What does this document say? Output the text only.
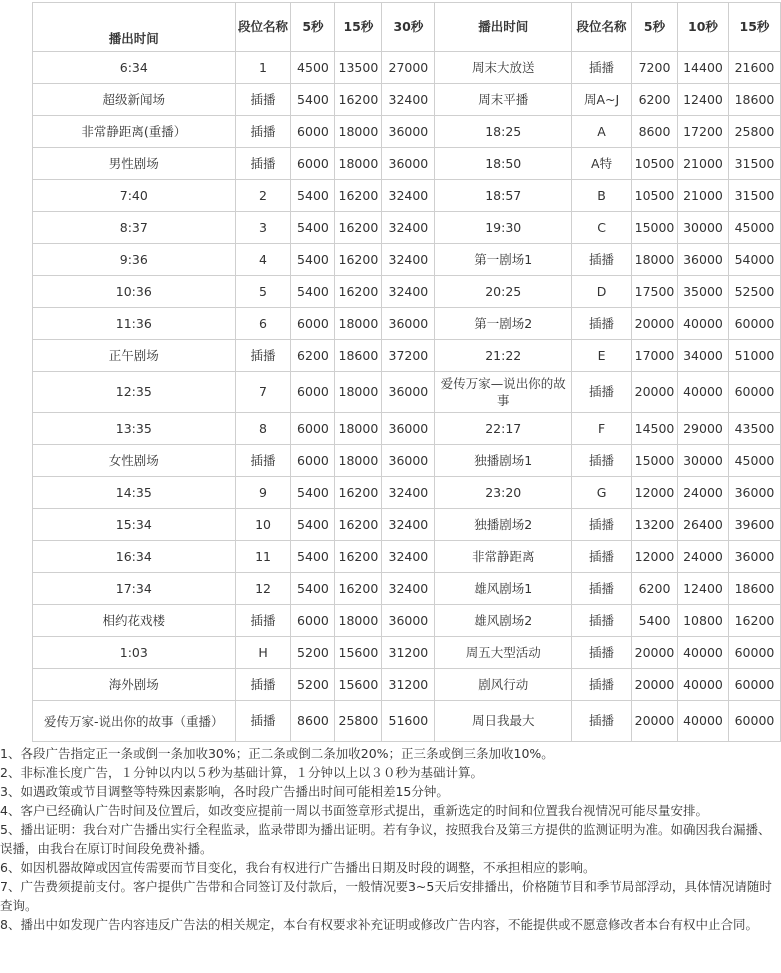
播出时间	段位名称	5秒	15秒	30秒	播出时间	段位名称	5秒	10秒	15秒
6:34	1	4500	13500	27000	周末大放送	插播	7200	14400	21600
超级新闻场	插播	5400	16200	32400	周末平播	周A~J	6200	12400	18600
非常静距离(重播）	插播	6000	18000	36000	18:25	A	8600	17200	25800
男性剧场	插播	6000	18000	36000	18:50	A特	10500	21000	31500
7:40	2	5400	16200	32400	18:57	B	10500	21000	31500
8:37	3	5400	16200	32400	19:30	C	15000	30000	45000
9:36	4	5400	16200	32400	第一剧场1	插播	18000	36000	54000
10:36	5	5400	16200	32400	20:25	D	17500	35000	52500
11:36	6	6000	18000	36000	第一剧场2	插播	20000	40000	60000
正午剧场	插播	6200	18600	37200	21:22	E	17000	34000	51000
12:35	7	6000	18000	36000	爱传万家—说出你的故事	插播	20000	40000	60000
13:35	8	6000	18000	36000	22:17	F	14500	29000	43500
女性剧场	插播	6000	18000	36000	独播剧场1	插播	15000	30000	45000
14:35	9	5400	16200	32400	23:20	G	12000	24000	36000
15:34	10	5400	16200	32400	独播剧场2	插播	13200	26400	39600
16:34	11	5400	16200	32400	非常静距离	插播	12000	24000	36000
17:34	12	5400	16200	32400	雄风剧场1	插播	6200	12400	18600
相约花戏楼	插播	6000	18000	36000	雄风剧场2	插播	5400	10800	16200
1:03	H	5200	15600	31200	周五大型活动	插播	20000	40000	60000
海外剧场	插播	5200	15600	31200	剧风行动	插播	20000	40000	60000
爱传万家-说出你的故事（重播）	插播	8600	25800	51600	周日我最大	插播	20000	40000	60000

1、各段广告指定正一条或倒一条加收30%；正二条或倒二条加收20%；正三条或倒三条加收10%。

2、非标准长度广告，１分钟以内以５秒为基础计算，１分钟以上以３０秒为基础计算。

3、如遇政策或节目调整等特殊因素影响，各时段广告播出时间可能相差15分钟。

4、客户已经确认广告时间及位置后，如改变应提前一周以书面签章形式提出，重新选定的时间和位置我台视情况可能尽量安排。

5、播出证明：我台对广告播出实行全程监录，监录带即为播出证明。若有争议，按照我台及第三方提供的监测证明为准。如确因我台漏播、误播，由我台在原订时间段免费补播。

6、如因机器故障或因宣传需要而节目变化，我台有权进行广告播出日期及时段的调整，不承担相应的影响。

7、广告费须提前支付。客户提供广告带和合同签订及付款后，一般情况要3~5天后安排播出，价格随节目和季节局部浮动，具体情况请随时查询。

8、播出中如发现广告内容违反广告法的相关规定，本台有权要求补充证明或修改广告内容，不能提供或不愿意修改者本台有权中止合同。
